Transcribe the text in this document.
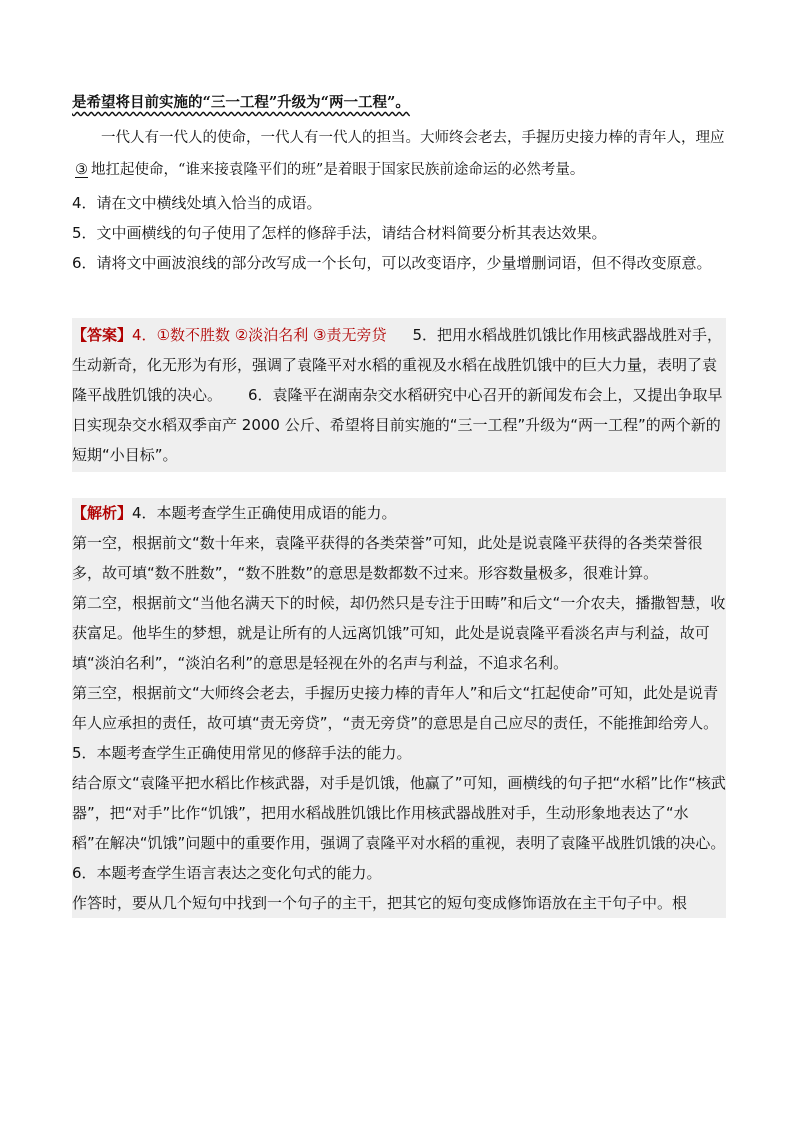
是希望将目前实施的“三一工程”升级为“两一工程”。

一代人有一代人的使命，一代人有一代人的担当。大师终会老去，手握历史接力棒的青年人，理应③ 地扛起使命，“谁来接袁隆平们的班”是着眼于国家民族前途命运的必然考量。

4．请在文中横线处填入恰当的成语。

5．文中画横线的句子使用了怎样的修辞手法，请结合材料简要分析其表达效果。

6．请将文中画波浪线的部分改写成一个长句，可以改变语序，少量增删词语，但不得改变原意。

【答案】4．①数不胜数 ②淡泊名利 ③责无旁贷 5．把用水稻战胜饥饿比作用核武器战胜对手，生动新奇，化无形为有形，强调了袁隆平对水稻的重视及水稻在战胜饥饿中的巨大力量，表明了袁隆平战胜饥饿的决心。 6．袁隆平在湖南杂交水稻研究中心召开的新闻发布会上，又提出争取早日实现杂交水稻双季亩产 2000 公斤、希望将目前实施的“三一工程”升级为“两一工程”的两个新的短期“小目标”。

【解析】4．本题考查学生正确使用成语的能力。

第一空，根据前文“数十年来，袁隆平获得的各类荣誉”可知，此处是说袁隆平获得的各类荣誉很多，故可填“数不胜数”，“数不胜数”的意思是数都数不过来。形容数量极多，很难计算。

第二空，根据前文“当他名满天下的时候，却仍然只是专注于田畴”和后文“一介农夫，播撒智慧，收获富足。他毕生的梦想，就是让所有的人远离饥饿”可知，此处是说袁隆平看淡名声与利益，故可填“淡泊名利”，“淡泊名利”的意思是轻视在外的名声与利益，不追求名利。

第三空，根据前文“大师终会老去，手握历史接力棒的青年人”和后文“扛起使命”可知，此处是说青年人应承担的责任，故可填“责无旁贷”，“责无旁贷”的意思是自己应尽的责任，不能推卸给旁人。

5．本题考查学生正确使用常见的修辞手法的能力。

结合原文“袁隆平把水稻比作核武器，对手是饥饿，他赢了”可知，画横线的句子把“水稻”比作“核武器”，把“对手”比作“饥饿”，把用水稻战胜饥饿比作用核武器战胜对手，生动形象地表达了“水稻”在解决“饥饿”问题中的重要作用，强调了袁隆平对水稻的重视，表明了袁隆平战胜饥饿的决心。

6．本题考查学生语言表达之变化句式的能力。

作答时，要从几个短句中找到一个句子的主干，把其它的短句变成修饰语放在主干句子中。根
